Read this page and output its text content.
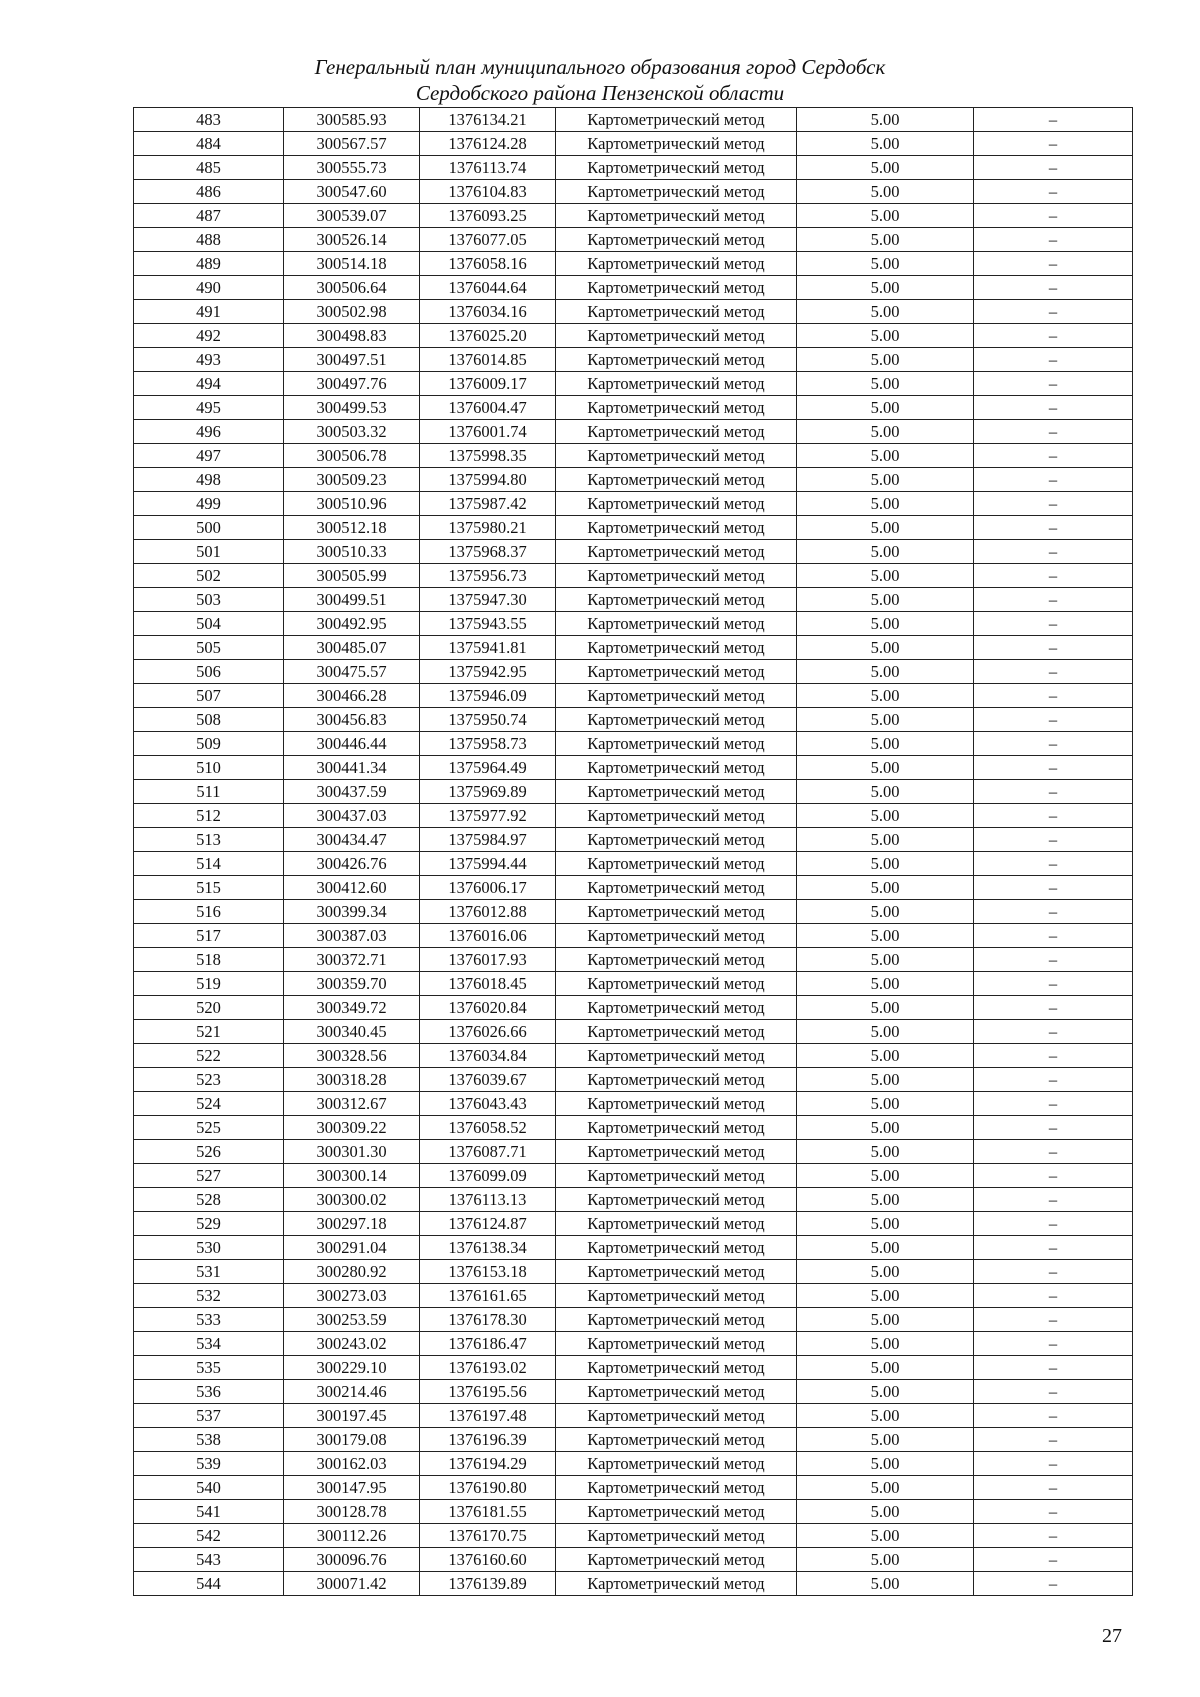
Генеральный план муниципального образования город Сердобск
Сердобского района Пензенской области
483	300585.93	1376134.21	Картометрический метод	5.00	–
484	300567.57	1376124.28	Картометрический метод	5.00	–
485	300555.73	1376113.74	Картометрический метод	5.00	–
486	300547.60	1376104.83	Картометрический метод	5.00	–
487	300539.07	1376093.25	Картометрический метод	5.00	–
488	300526.14	1376077.05	Картометрический метод	5.00	–
489	300514.18	1376058.16	Картометрический метод	5.00	–
490	300506.64	1376044.64	Картометрический метод	5.00	–
491	300502.98	1376034.16	Картометрический метод	5.00	–
492	300498.83	1376025.20	Картометрический метод	5.00	–
493	300497.51	1376014.85	Картометрический метод	5.00	–
494	300497.76	1376009.17	Картометрический метод	5.00	–
495	300499.53	1376004.47	Картометрический метод	5.00	–
496	300503.32	1376001.74	Картометрический метод	5.00	–
497	300506.78	1375998.35	Картометрический метод	5.00	–
498	300509.23	1375994.80	Картометрический метод	5.00	–
499	300510.96	1375987.42	Картометрический метод	5.00	–
500	300512.18	1375980.21	Картометрический метод	5.00	–
501	300510.33	1375968.37	Картометрический метод	5.00	–
502	300505.99	1375956.73	Картометрический метод	5.00	–
503	300499.51	1375947.30	Картометрический метод	5.00	–
504	300492.95	1375943.55	Картометрический метод	5.00	–
505	300485.07	1375941.81	Картометрический метод	5.00	–
506	300475.57	1375942.95	Картометрический метод	5.00	–
507	300466.28	1375946.09	Картометрический метод	5.00	–
508	300456.83	1375950.74	Картометрический метод	5.00	–
509	300446.44	1375958.73	Картометрический метод	5.00	–
510	300441.34	1375964.49	Картометрический метод	5.00	–
511	300437.59	1375969.89	Картометрический метод	5.00	–
512	300437.03	1375977.92	Картометрический метод	5.00	–
513	300434.47	1375984.97	Картометрический метод	5.00	–
514	300426.76	1375994.44	Картометрический метод	5.00	–
515	300412.60	1376006.17	Картометрический метод	5.00	–
516	300399.34	1376012.88	Картометрический метод	5.00	–
517	300387.03	1376016.06	Картометрический метод	5.00	–
518	300372.71	1376017.93	Картометрический метод	5.00	–
519	300359.70	1376018.45	Картометрический метод	5.00	–
520	300349.72	1376020.84	Картометрический метод	5.00	–
521	300340.45	1376026.66	Картометрический метод	5.00	–
522	300328.56	1376034.84	Картометрический метод	5.00	–
523	300318.28	1376039.67	Картометрический метод	5.00	–
524	300312.67	1376043.43	Картометрический метод	5.00	–
525	300309.22	1376058.52	Картометрический метод	5.00	–
526	300301.30	1376087.71	Картометрический метод	5.00	–
527	300300.14	1376099.09	Картометрический метод	5.00	–
528	300300.02	1376113.13	Картометрический метод	5.00	–
529	300297.18	1376124.87	Картометрический метод	5.00	–
530	300291.04	1376138.34	Картометрический метод	5.00	–
531	300280.92	1376153.18	Картометрический метод	5.00	–
532	300273.03	1376161.65	Картометрический метод	5.00	–
533	300253.59	1376178.30	Картометрический метод	5.00	–
534	300243.02	1376186.47	Картометрический метод	5.00	–
535	300229.10	1376193.02	Картометрический метод	5.00	–
536	300214.46	1376195.56	Картометрический метод	5.00	–
537	300197.45	1376197.48	Картометрический метод	5.00	–
538	300179.08	1376196.39	Картометрический метод	5.00	–
539	300162.03	1376194.29	Картометрический метод	5.00	–
540	300147.95	1376190.80	Картометрический метод	5.00	–
541	300128.78	1376181.55	Картометрический метод	5.00	–
542	300112.26	1376170.75	Картометрический метод	5.00	–
543	300096.76	1376160.60	Картометрический метод	5.00	–
544	300071.42	1376139.89	Картометрический метод	5.00	–
27
